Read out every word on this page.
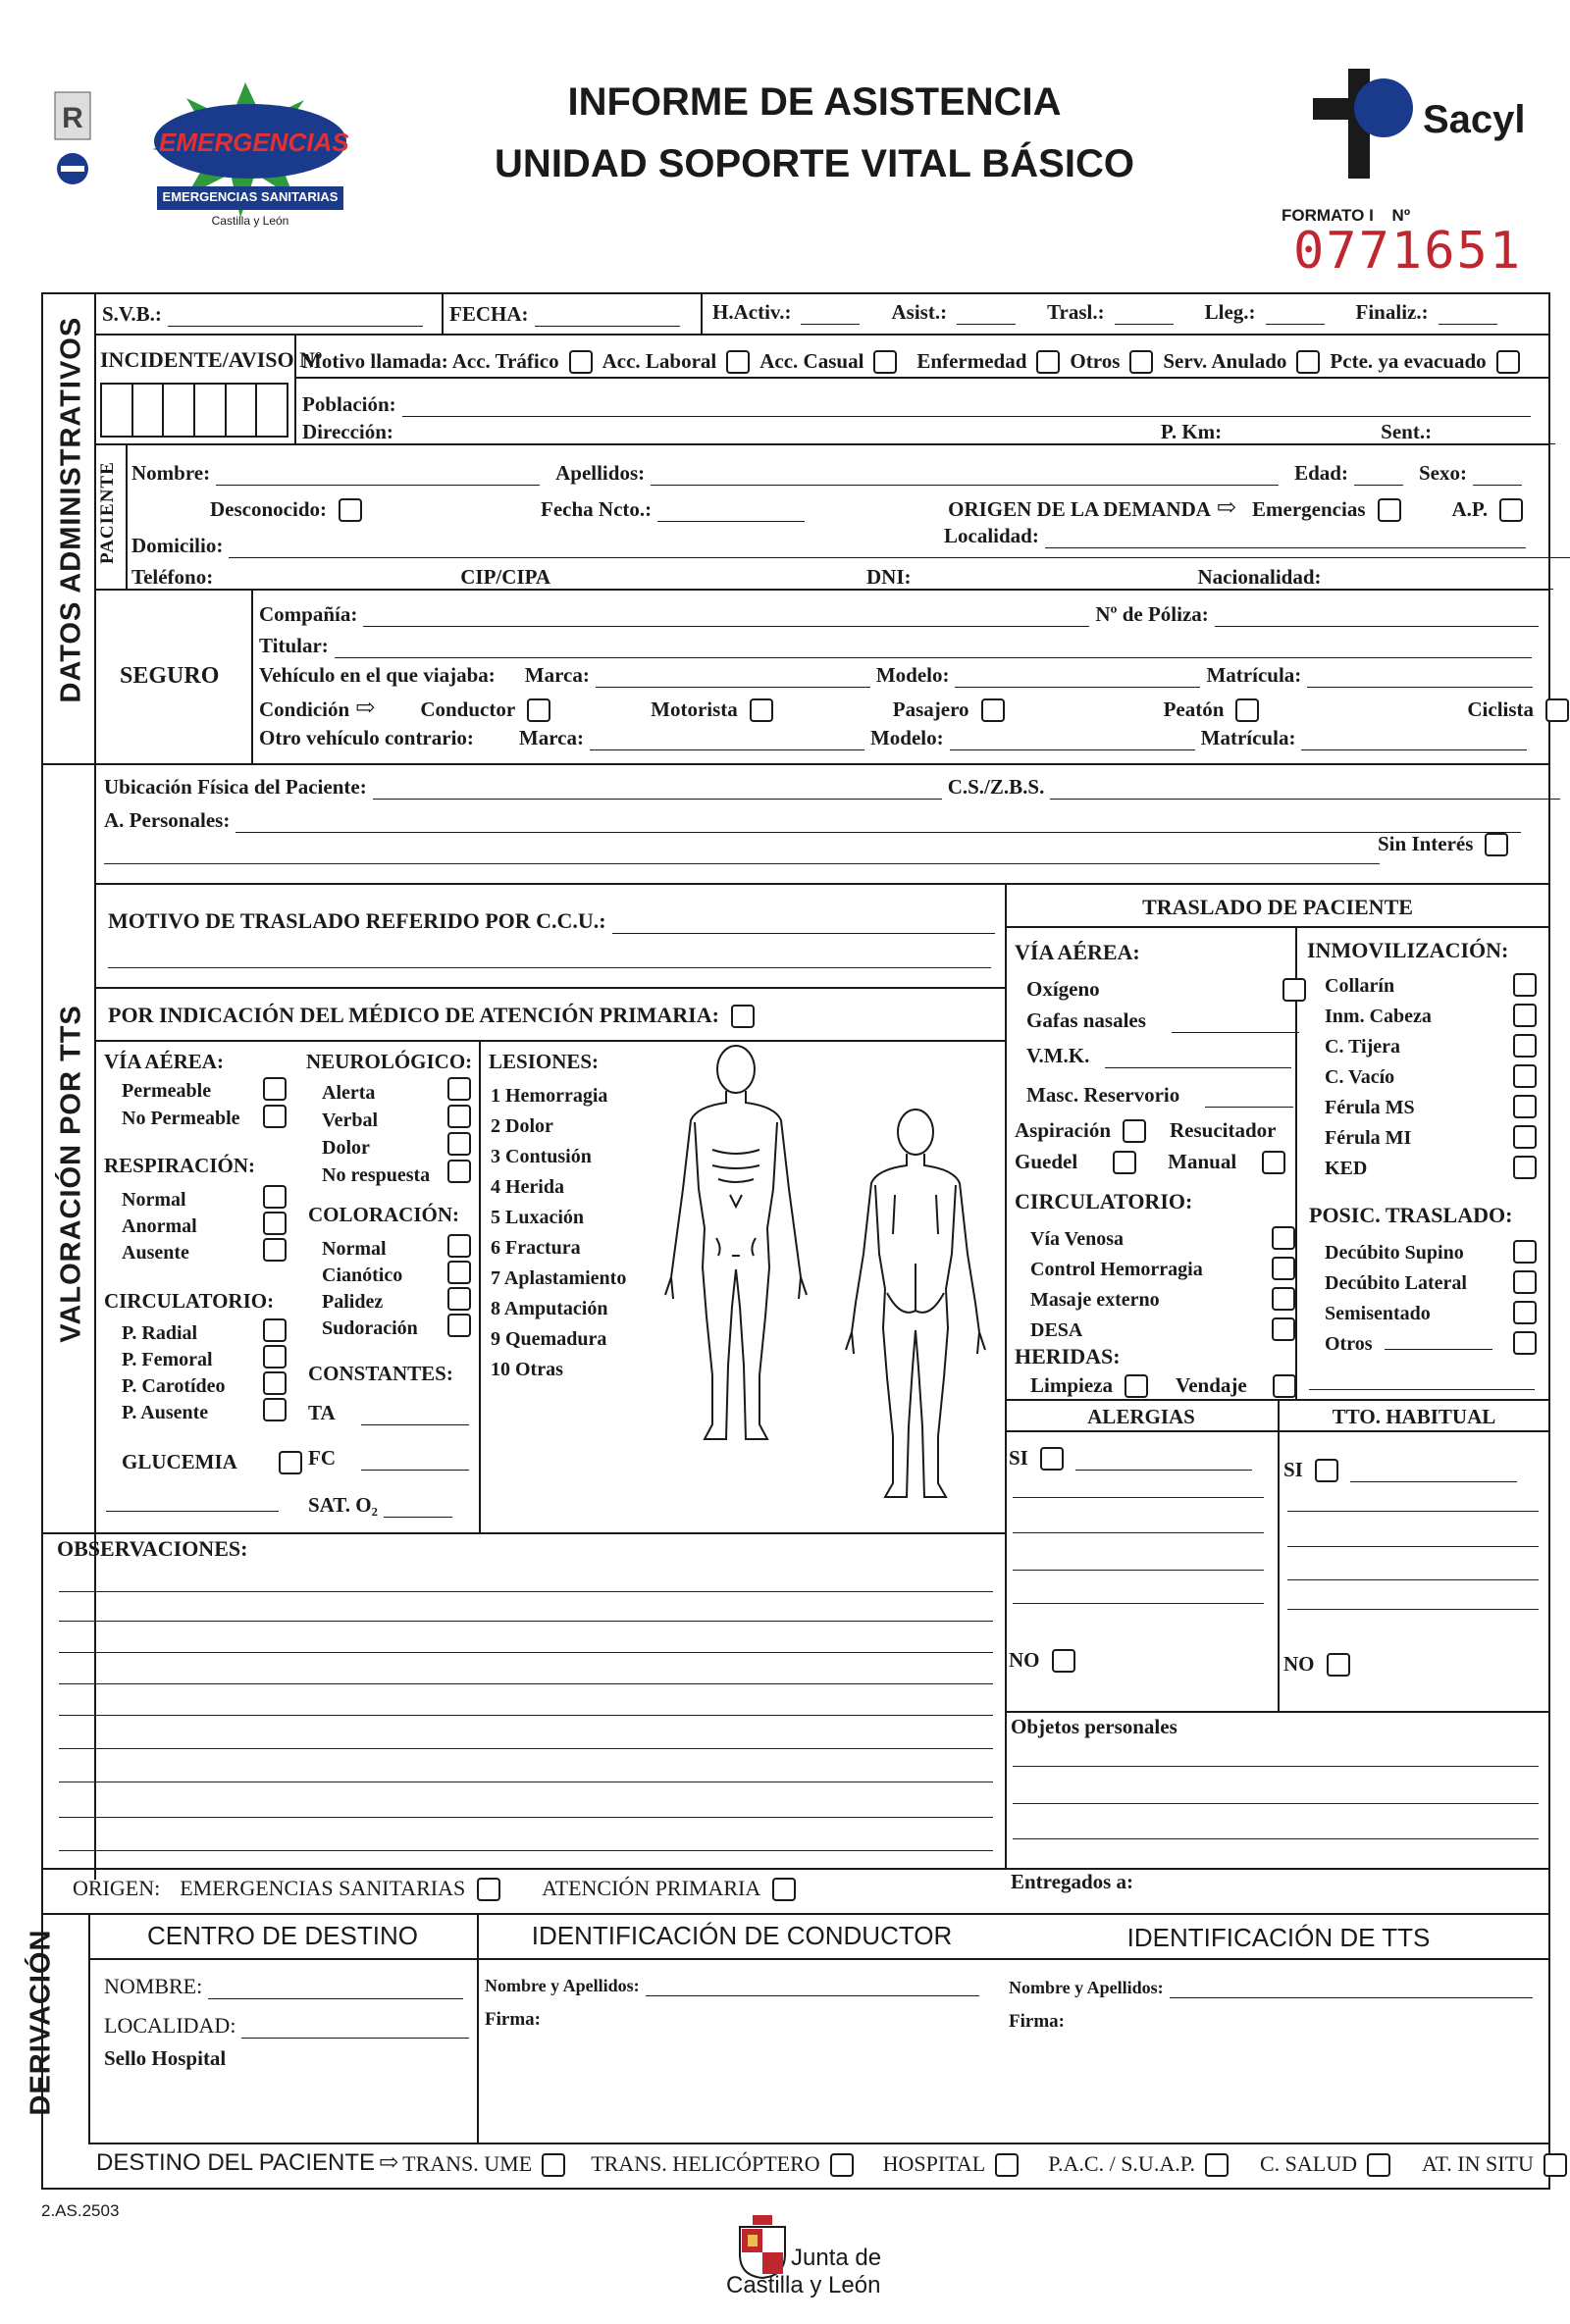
R
EMERGENCIAS
EMERGENCIAS SANITARIAS
Castilla y León
INFORME DE ASISTENCIA
UNIDAD SOPORTE VITAL BÁSICO
Sacyl
FORMATO I Nº
0771651
DATOS ADMINISTRATIVOS
VALORACIÓN POR TTS
S.V.B.:	FECHA:	H.Activ.:	Asist.:	Trasl.:	Lleg.:	Finaliz.:
INCIDENTE/AVISO Nº
Motivo llamada: Acc. Tráfico Acc. Laboral Acc. Casual	Enfermedad Otros Serv. Anulado Pcte. ya evacuado
Población:
Dirección:	P. Km:	Sent.:
PACIENTE Nombre:	Apellidos:	Edad:	Sexo:
Desconocido:	Fecha Ncto.:	ORIGEN DE LA DEMANDA ⇨ Emergencias	A.P.
Localidad:
Domicilio:
Teléfono:	CIP/CIPA	DNI:	Nacionalidad:
SEGURO
Compañía:	Nº de Póliza:
Titular:
Vehículo en el que viajaba: Marca:	Modelo:	Matrícula:
Condición ⇨ Conductor	Motorista	Pasajero	Peatón	Ciclista
Otro vehículo contrario: Marca:	Modelo:	Matrícula:
Ubicación Física del Paciente:	C.S./Z.B.S.
A. Personales:
Sin Interés
MOTIVO DE TRASLADO REFERIDO POR C.C.U.:
POR INDICACIÓN DEL MÉDICO DE ATENCIÓN PRIMARIA:
VÍA AÉREA:
Permeable
No Permeable

RESPIRACIÓN:
Normal
Anormal
Ausente

CIRCULATORIO:
P. Radial
P. Femoral
P. Carotídeo
P. Ausente

GLUCEMIA
NEUROLÓGICO:
Alerta
Verbal
Dolor
No respuesta

COLORACIÓN:
Normal
Cianótico
Palidez
Sudoración

CONSTANTES:
TA
FC
SAT. O₂
LESIONES:
1 Hemorragia
2 Dolor
3 Contusión
4 Herida
5 Luxación
6 Fractura
7 Aplastamiento
8 Amputación
9 Quemadura
10 Otras
TRASLADO DE PACIENTE
VÍA AÉREA:
Oxígeno
Gafas nasales
V.M.K.
Masc. Reservorio
Aspiración	Resucitador
Guedel	Manual
CIRCULATORIO:
Vía Venosa
Control Hemorragia
Masaje externo
DESA

HERIDAS:
Limpieza	Vendaje
INMOVILIZACIÓN:
Collarín
Inm. Cabeza
C. Tijera
C. Vacío
Férula MS
Férula MI
KED

POSIC. TRASLADO:
Decúbito Supino
Decúbito Lateral
Semisentado
Otros

OBSERVACIONES:
ALERGIAS	TTO. HABITUAL
SI
NO
SI
NO
Objetos personales
ORIGEN: EMERGENCIAS SANITARIAS	ATENCIÓN PRIMARIA	Entregados a:
DERIVACIÓN	CENTRO DE DESTINO	IDENTIFICACIÓN DE CONDUCTOR	IDENTIFICACIÓN DE TTS
NOMBRE:
LOCALIDAD:
Sello Hospital
Nombre y Apellidos:
Firma:
Nombre y Apellidos:
Firma:
DESTINO DEL PACIENTE ⇨ TRANS. UME	TRANS. HELICÓPTERO	HOSPITAL	P.A.C. / S.U.A.P.	C. SALUD	AT. IN SITU
2.AS.2503
Junta de
Castilla y León
